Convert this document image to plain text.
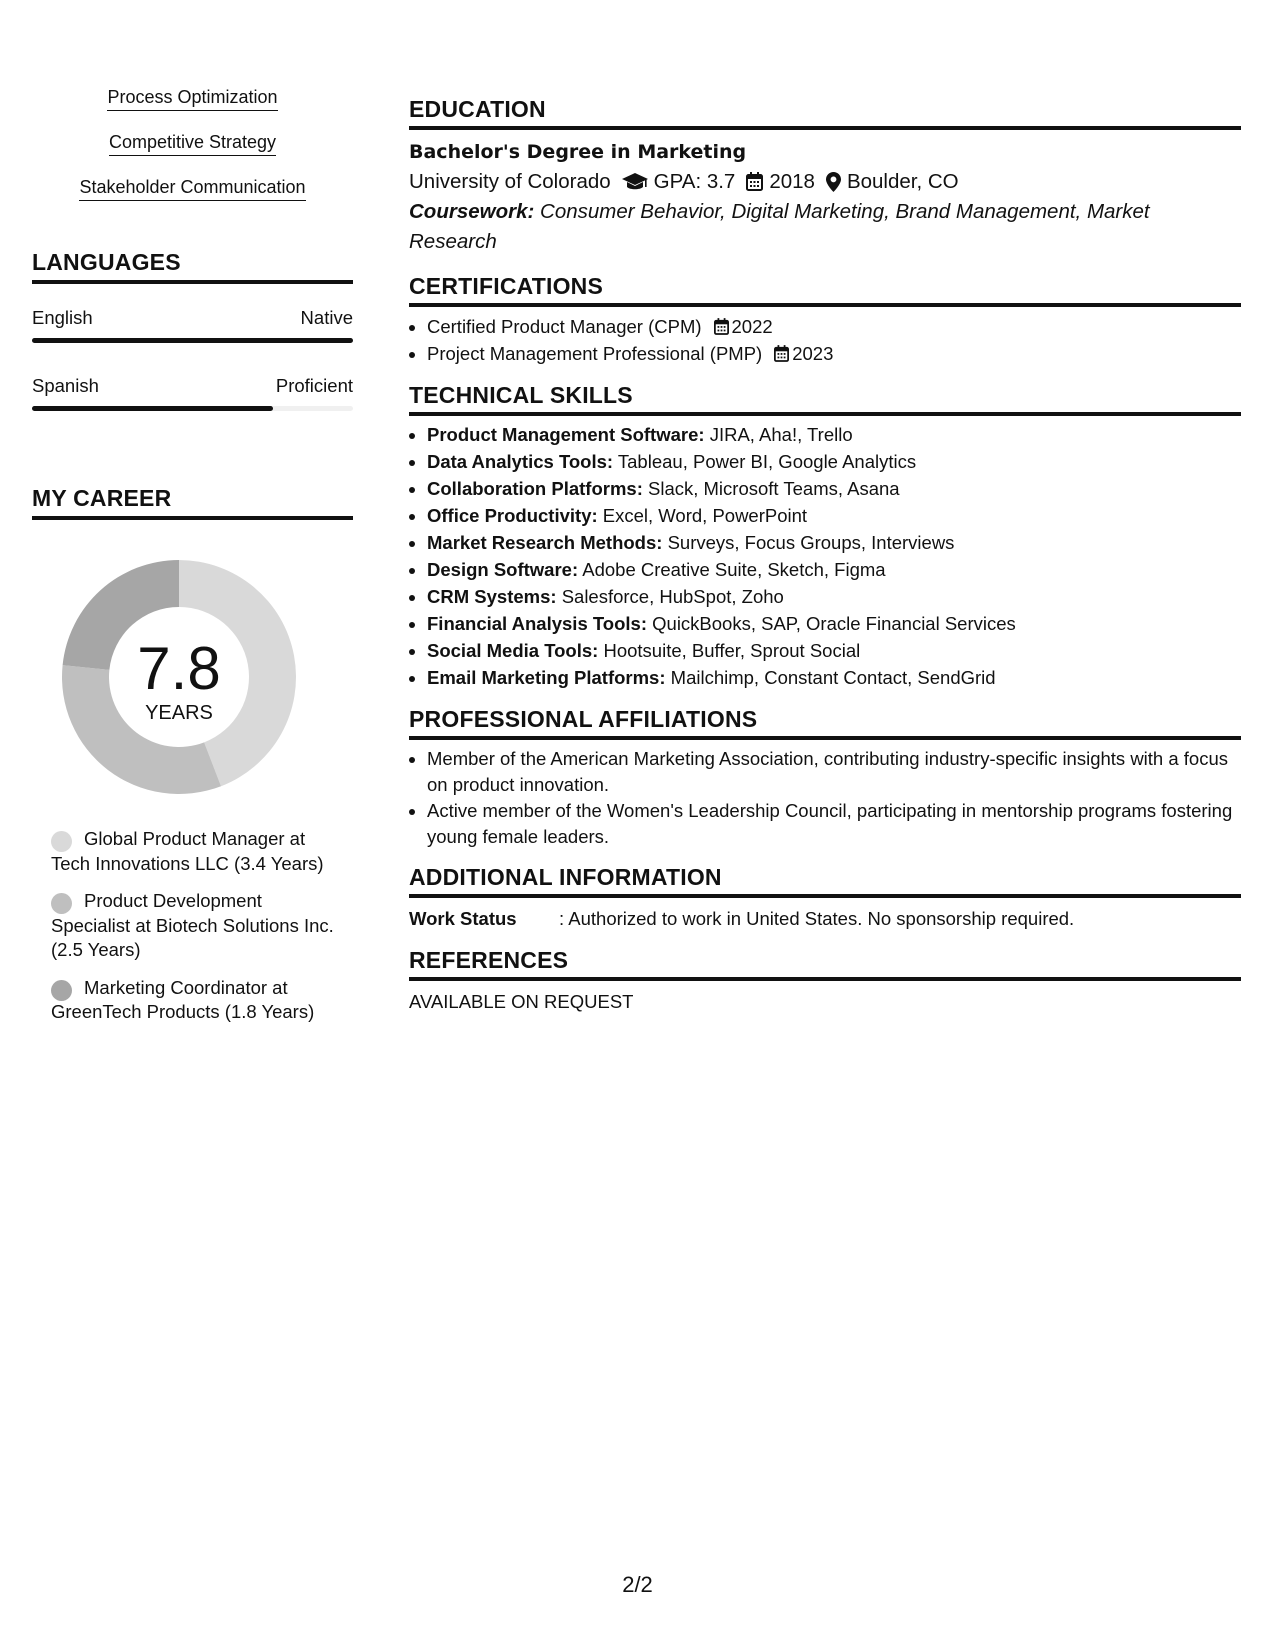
Process Optimization
Competitive Strategy
Stakeholder Communication
LANGUAGES
English	Native
Spanish	Proficient
MY CAREER
7.8
YEARS
Global Product Manager at Tech Innovations LLC (3.4 Years)
Product Development Specialist at Biotech Solutions Inc. (2.5 Years)
Marketing Coordinator at GreenTech Products (1.8 Years)
EDUCATION
Bachelor's Degree in Marketing
University of Colorado GPA: 3.7 2018 Boulder, CO
Coursework: Consumer Behavior, Digital Marketing, Brand Management, Market Research
CERTIFICATIONS
• Certified Product Manager (CPM) 2022
• Project Management Professional (PMP) 2023
TECHNICAL SKILLS
• Product Management Software: JIRA, Aha!, Trello
• Data Analytics Tools: Tableau, Power BI, Google Analytics
• Collaboration Platforms: Slack, Microsoft Teams, Asana
• Office Productivity: Excel, Word, PowerPoint
• Market Research Methods: Surveys, Focus Groups, Interviews
• Design Software: Adobe Creative Suite, Sketch, Figma
• CRM Systems: Salesforce, HubSpot, Zoho
• Financial Analysis Tools: QuickBooks, SAP, Oracle Financial Services
• Social Media Tools: Hootsuite, Buffer, Sprout Social
• Email Marketing Platforms: Mailchimp, Constant Contact, SendGrid
PROFESSIONAL AFFILIATIONS
• Member of the American Marketing Association, contributing industry-specific insights with a focus on product innovation.
• Active member of the Women's Leadership Council, participating in mentorship programs fostering young female leaders.
ADDITIONAL INFORMATION
Work Status	: Authorized to work in United States. No sponsorship required.
REFERENCES
AVAILABLE ON REQUEST
2/2
